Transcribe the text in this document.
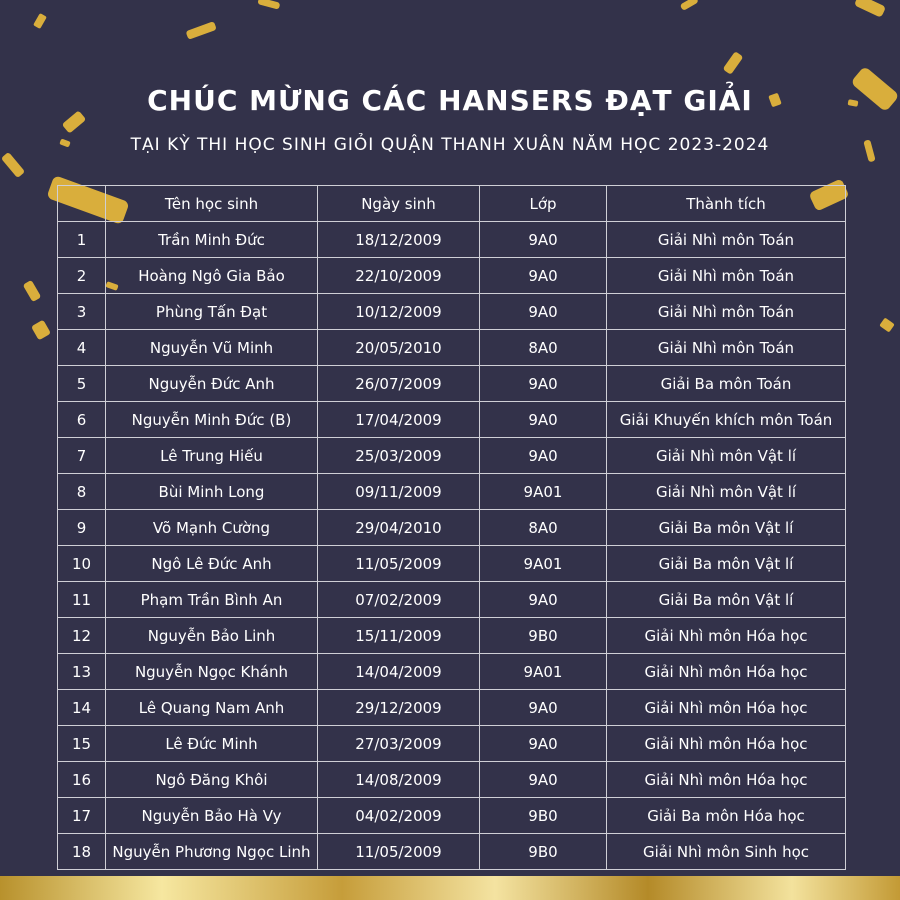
CHÚC MỪNG CÁC HANSERS ĐẠT GIẢI
TẠI KỲ THI HỌC SINH GIỎI QUẬN THANH XUÂN NĂM HỌC 2023-2024
	Tên học sinh	Ngày sinh	Lớp	Thành tích
1	Trần Minh Đức	18/12/2009	9A0	Giải Nhì môn Toán
2	Hoàng Ngô Gia Bảo	22/10/2009	9A0	Giải Nhì môn Toán
3	Phùng Tấn Đạt	10/12/2009	9A0	Giải Nhì môn Toán
4	Nguyễn Vũ Minh	20/05/2010	8A0	Giải Nhì môn Toán
5	Nguyễn Đức Anh	26/07/2009	9A0	Giải Ba môn Toán
6	Nguyễn Minh Đức (B)	17/04/2009	9A0	Giải Khuyến khích môn Toán
7	Lê Trung Hiếu	25/03/2009	9A0	Giải Nhì môn Vật lí
8	Bùi Minh Long	09/11/2009	9A01	Giải Nhì môn Vật lí
9	Võ Mạnh Cường	29/04/2010	8A0	Giải Ba môn Vật lí
10	Ngô Lê Đức Anh	11/05/2009	9A01	Giải Ba môn Vật lí
11	Phạm Trần Bình An	07/02/2009	9A0	Giải Ba môn Vật lí
12	Nguyễn Bảo Linh	15/11/2009	9B0	Giải Nhì môn Hóa học
13	Nguyễn Ngọc Khánh	14/04/2009	9A01	Giải Nhì môn Hóa học
14	Lê Quang Nam Anh	29/12/2009	9A0	Giải Nhì môn Hóa học
15	Lê Đức Minh	27/03/2009	9A0	Giải Nhì môn Hóa học
16	Ngô Đăng Khôi	14/08/2009	9A0	Giải Nhì môn Hóa học
17	Nguyễn Bảo Hà Vy	04/02/2009	9B0	Giải Ba môn Hóa học
18	Nguyễn Phương Ngọc Linh	11/05/2009	9B0	Giải Nhì môn Sinh học
